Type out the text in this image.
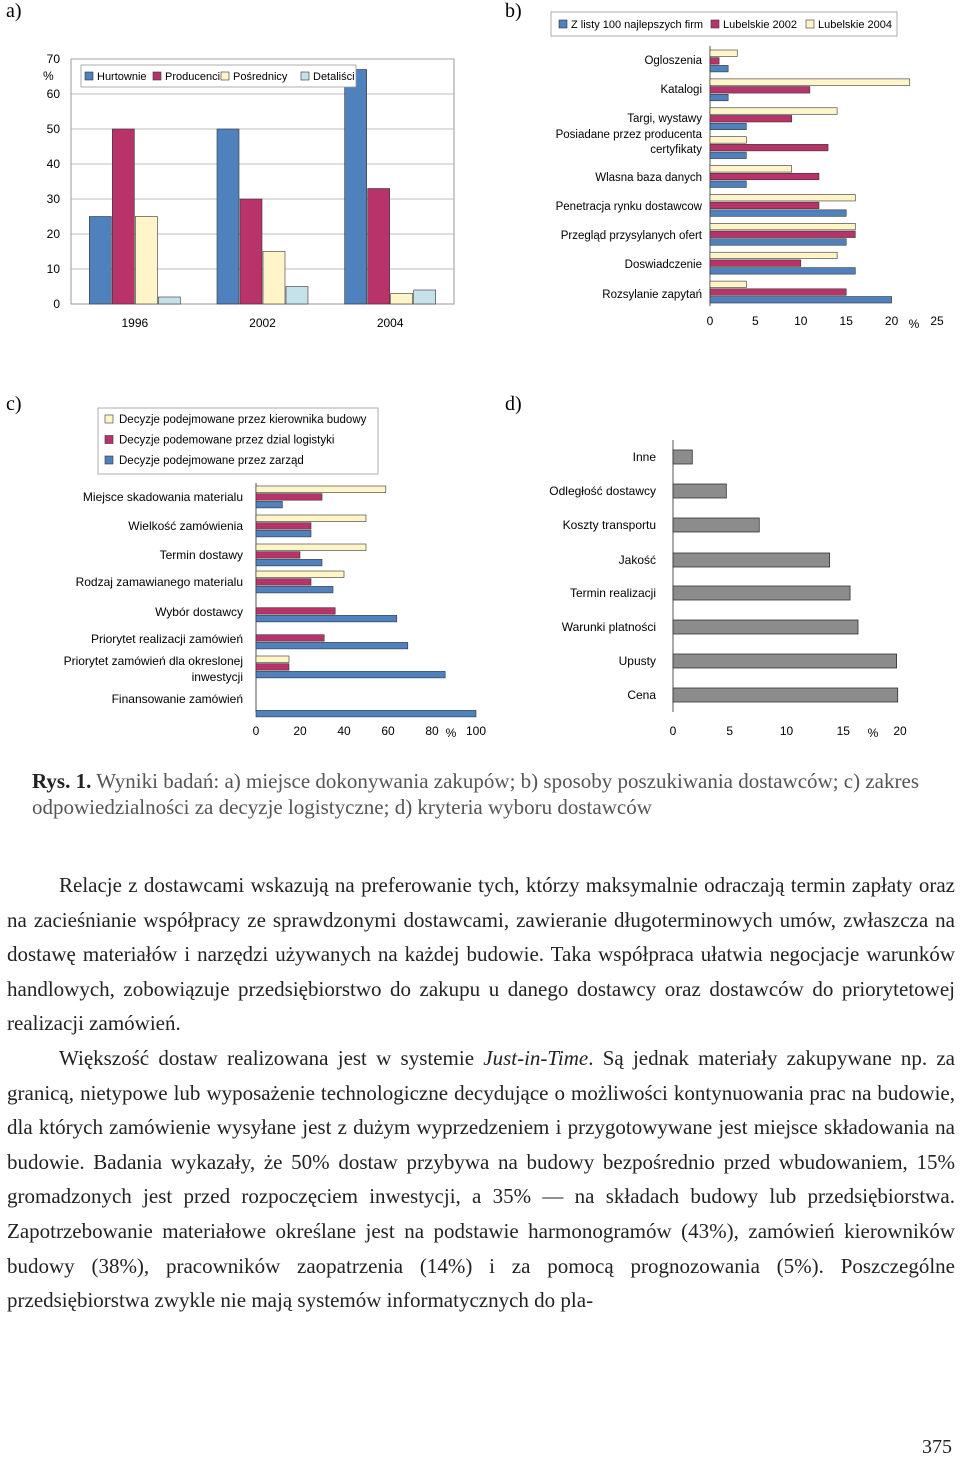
a)	b)
c)	d)
0
10
20
30
40
50
60
70
%
1996	2002	2004
Hurtownie Producenci Pośrednicy Detaliści
Ogloszenia
Katalogi
Targi, wystawy
Posiadane przez producenta
certyfikaty
Wlasna baza danych
Penetracja rynku dostawcow
Przegląd przysylanych ofert
Doswiadczenie
Rozsylanie zapytań
0	5	10	15	20	25
%
Z listy 100 najlepszych firm Lubelskie 2002 Lubelskie 2004
Miejsce skadowania materialu
Wielkość zamówienia
Termin dostawy
Rodzaj zamawianego materialu
Wybór dostawcy
Priorytet realizacji zamówień
Priorytet zamówień dla okreslonej
inwestycji
Finansowanie zamówień
0	20	40	60	80 100
%
Decyzje podejmowane przez kierownika budowy
Decyzje podemowane przez dzial logistyki
Decyzje podejmowane przez zarząd	Inne
Odległość dostawcy
Koszty transportu
Jakość
Termin realizacji
Warunki platności
Upusty
Cena
0	5	10	15	20
%
Rys. 1. Wyniki badań: a) miejsce dokonywania zakupów; b) sposoby poszukiwania dostawców; c) zakres odpowiedzialności za decyzje logistyczne; d) kryteria wyboru dostawców

Relacje z dostawcami wskazują na preferowanie tych, którzy maksymalnie odraczają termin zapłaty oraz na zacieśnianie współpracy ze sprawdzonymi dostawcami, zawieranie długoterminowych umów, zwłaszcza na dostawę materiałów i narzędzi używanych na każdej budowie. Taka współpraca ułatwia negocjacje warunków handlowych, zobowiązuje przedsiębiorstwo do zakupu u danego dostawcy oraz dostawców do priorytetowej realizacji zamówień.

Większość dostaw realizowana jest w systemie Just-in-Time. Są jednak materiały zakupywane np. za granicą, nietypowe lub wyposażenie technologiczne decydujące o możliwości kontynuowania prac na budowie, dla których zamówienie wysyłane jest z dużym wyprzedzeniem i przygotowywane jest miejsce składowania na budowie. Badania wykazały, że 50% dostaw przybywa na budowy bezpośrednio przed wbudowaniem, 15% gromadzonych jest przed rozpoczęciem inwestycji, a 35% — na składach budowy lub przedsiębiorstwa. Zapotrzebowanie materiałowe określane jest na podstawie harmonogramów (43%), zamówień kierowników budowy (38%), pracowników zaopatrzenia (14%) i za pomocą prognozowania (5%). Poszczególne przedsiębiorstwa zwykle nie mają systemów informatycznych do pla-

375
